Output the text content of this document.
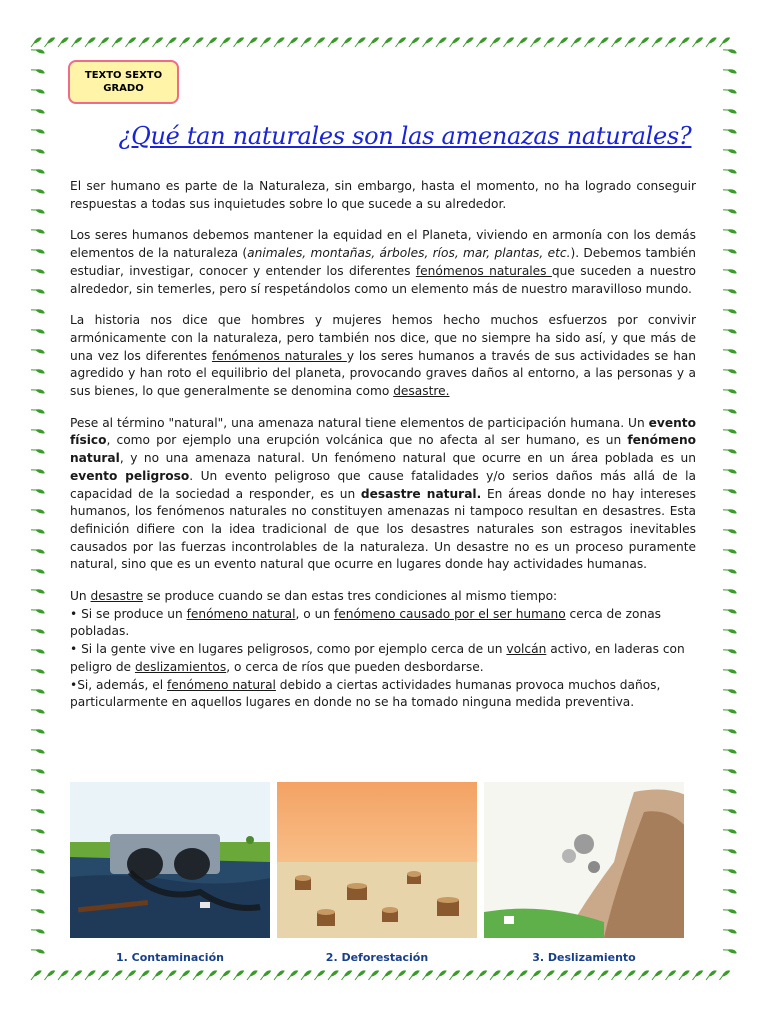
TEXTO SEXTO
GRADO
¿Qué tan naturales son las amenazas naturales?

El ser humano es parte de la Naturaleza, sin embargo, hasta el momento, no ha logrado conseguir respuestas a todas sus inquietudes sobre lo que sucede a su alrededor.

Los seres humanos debemos mantener la equidad en el Planeta, viviendo en armonía con los demás elementos de la naturaleza (animales, montañas, árboles, ríos, mar, plantas, etc.). Debemos también estudiar, investigar, conocer y entender los diferentes fenómenos naturales que suceden a nuestro alrededor, sin temerles, pero sí respetándolos como un elemento más de nuestro maravilloso mundo.

La historia nos dice que hombres y mujeres hemos hecho muchos esfuerzos por convivir armónicamente con la naturaleza, pero también nos dice, que no siempre ha sido así, y que más de una vez los diferentes fenómenos naturales y los seres humanos a través de sus actividades se han agredido y han roto el equilibrio del planeta, provocando graves daños al entorno, a las personas y a sus bienes, lo que generalmente se denomina como desastre.

Pese al término "natural", una amenaza natural tiene elementos de participación humana. Un evento físico, como por ejemplo una erupción volcánica que no afecta al ser humano, es un fenómeno natural, y no una amenaza natural. Un fenómeno natural que ocurre en un área poblada es un evento peligroso. Un evento peligroso que cause fatalidades y/o serios daños más allá de la capacidad de la sociedad a responder, es un desastre natural. En áreas donde no hay intereses humanos, los fenómenos naturales no constituyen amenazas ni tampoco resultan en desastres. Esta definición difiere con la idea tradicional de que los desastres naturales son estragos inevitables causados por las fuerzas incontrolables de la naturaleza. Un desastre no es un proceso puramente natural, sino que es un evento natural que ocurre en lugares donde hay actividades humanas.

Un desastre se produce cuando se dan estas tres condiciones al mismo tiempo:
• Si se produce un fenómeno natural, o un fenómeno causado por el ser humano cerca de zonas pobladas.
• Si la gente vive en lugares peligrosos, como por ejemplo cerca de un volcán activo, en laderas con peligro de deslizamientos, o cerca de ríos que pueden desbordarse.
•Si, además, el fenómeno natural debido a ciertas actividades humanas provoca muchos daños, particularmente en aquellos lugares en donde no se ha tomado ninguna medida preventiva.
1. Contaminación	2. Deforestación	3. Deslizamiento
